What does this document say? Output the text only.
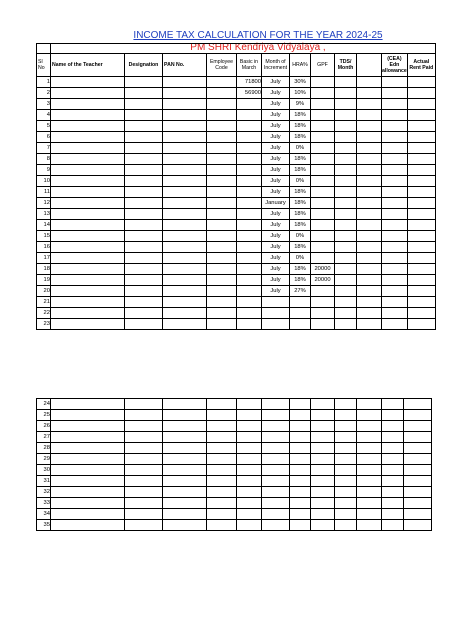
INCOME TAX CALCULATION FOR THE YEAR 2024-25
PM SHRI Kendriya Vidyalaya ,

Sl No	Name of the Teacher	Designation	PAN No.	Employee Code	Basic in March	Month of Increment	HRA%	GPF	TDS/ Month		(CEA) Edn allowance	Actual Rent Paid
1					71800	July	30%					
2					56900	July	10%					
3						July	9%					
4						July	18%					
5						July	18%					
6						July	18%					
7						July	0%					
8						July	18%					
9						July	18%					
10						July	0%					
11						July	18%					
12						January	18%					
13						July	18%					
14						July	18%					
15						July	0%					
16						July	18%					
17						July	0%					
18						July	18%	20000				
19						July	18%	20000				
20						July	27%					
21												
22												
23												
24												
25												
26												
27												
28												
29												
30												
31												
32												
33												
34												
35												
